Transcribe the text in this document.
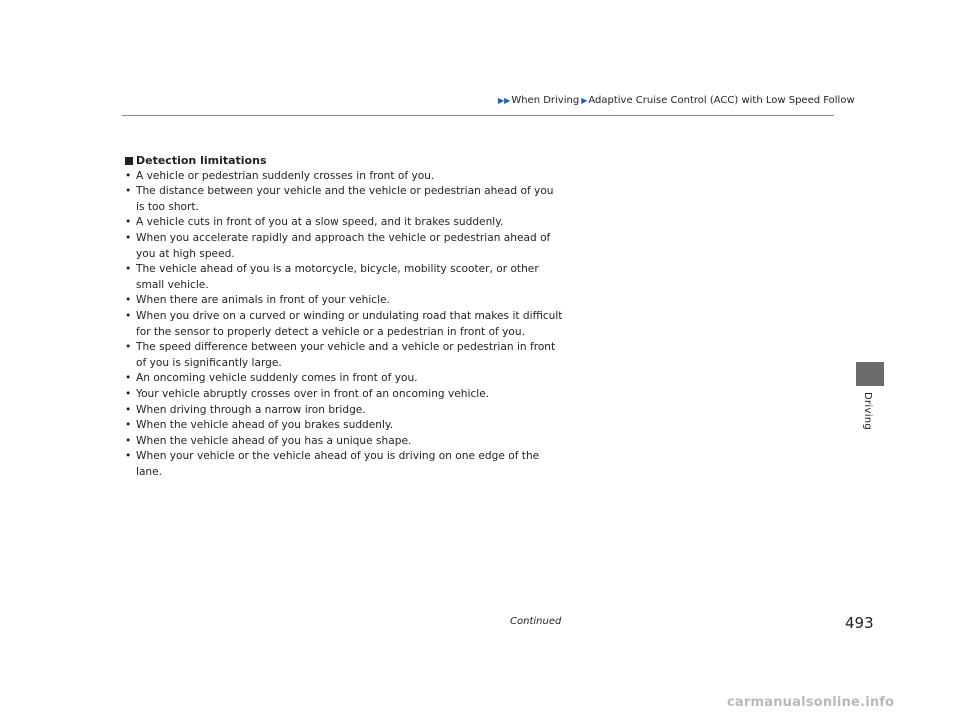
▶▶ When Driving ▶ Adaptive Cruise Control (ACC) with Low Speed Follow
Driving
Detection limitations
• A vehicle or pedestrian suddenly crosses in front of you.
• The distance between your vehicle and the vehicle or pedestrian ahead of you is too short.
• A vehicle cuts in front of you at a slow speed, and it brakes suddenly.
• When you accelerate rapidly and approach the vehicle or pedestrian ahead of you at high speed.
• The vehicle ahead of you is a motorcycle, bicycle, mobility scooter, or other small vehicle.
• When there are animals in front of your vehicle.
• When you drive on a curved or winding or undulating road that makes it difficult for the sensor to properly detect a vehicle or a pedestrian in front of you.
• The speed difference between your vehicle and a vehicle or pedestrian in front of you is significantly large.
• An oncoming vehicle suddenly comes in front of you.
• Your vehicle abruptly crosses over in front of an oncoming vehicle.
• When driving through a narrow iron bridge.
• When the vehicle ahead of you brakes suddenly.
• When the vehicle ahead of you has a unique shape.
• When your vehicle or the vehicle ahead of you is driving on one edge of the lane.
Continued	493
carmanualsonline.info
